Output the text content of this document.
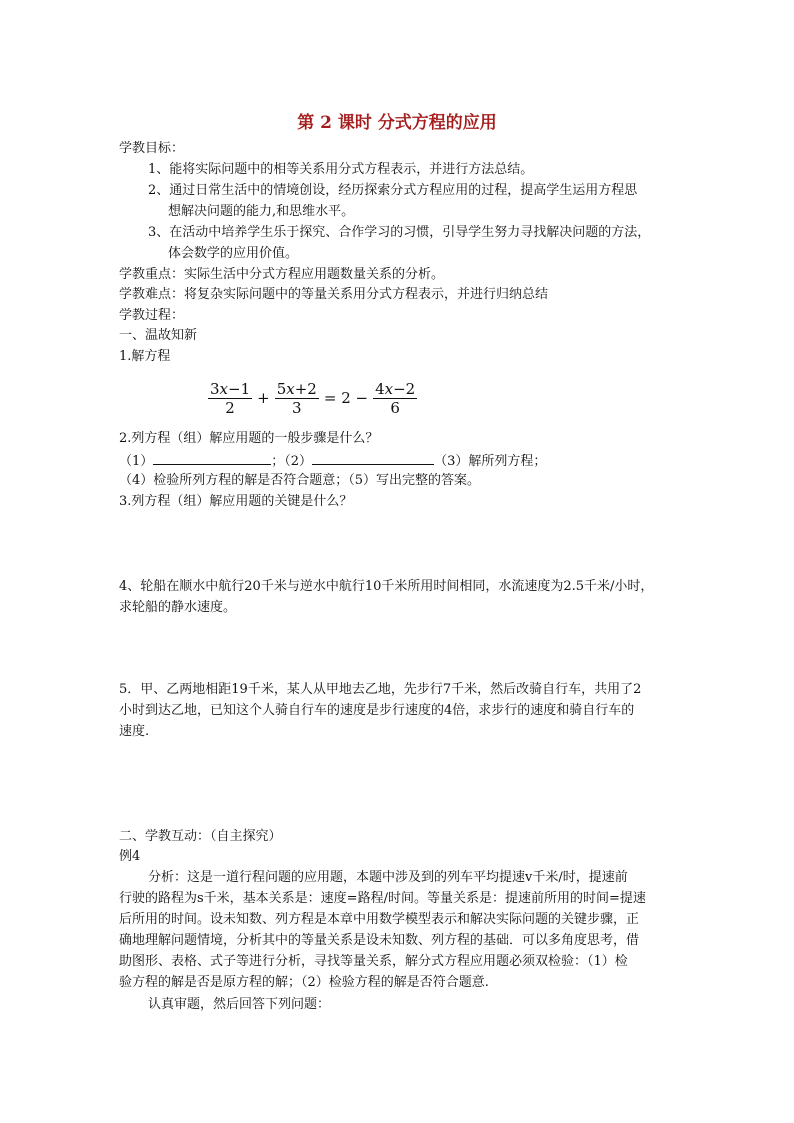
第 2 课时 分式方程的应用
学教目标：
1、能将实际问题中的相等关系用分式方程表示，并进行方法总结。
2、通过日常生活中的情境创设，经历探索分式方程应用的过程，提高学生运用方程思
想解决问题的能力,和思维水平。
3、在活动中培养学生乐于探究、合作学习的习惯，引导学生努力寻找解决问题的方法，
体会数学的应用价值。
学教重点：实际生活中分式方程应用题数量关系的分析。
学教难点：将复杂实际问题中的等量关系用分式方程表示，并进行归纳总结
学教过程：
一、温故知新
1.解方程
$\frac{3x-1}{2} + \frac{5x+2}{3} = 2 - \frac{4x-2}{6}$
2.列方程（组）解应用题的一般步骤是什么？
（1）	；（2）	（3）解所列方程；
（4）检验所列方程的解是否符合题意；（5）写出完整的答案。
3.列方程（组）解应用题的关键是什么？
4、轮船在顺水中航行20千米与逆水中航行10千米所用时间相同，水流速度为2.5千米/小时，
求轮船的静水速度。
5．甲、乙两地相距19千米，某人从甲地去乙地，先步行7千米，然后改骑自行车，共用了2
小时到达乙地，已知这个人骑自行车的速度是步行速度的4倍，求步行的速度和骑自行车的
速度.
二、学教互动：（自主探究）
例4
分析：这是一道行程问题的应用题，本题中涉及到的列车平均提速v千米/时，提速前
行驶的路程为s千米，基本关系是：速度=路程/时间。等量关系是：提速前所用的时间=提速
后所用的时间。设未知数、列方程是本章中用数学模型表示和解决实际问题的关键步骤，正
确地理解问题情境，分析其中的等量关系是设未知数、列方程的基础．可以多角度思考，借
助图形、表格、式子等进行分析，寻找等量关系，解分式方程应用题必须双检验：（1）检
验方程的解是否是原方程的解；（2）检验方程的解是否符合题意.
认真审题，然后回答下列问题：
